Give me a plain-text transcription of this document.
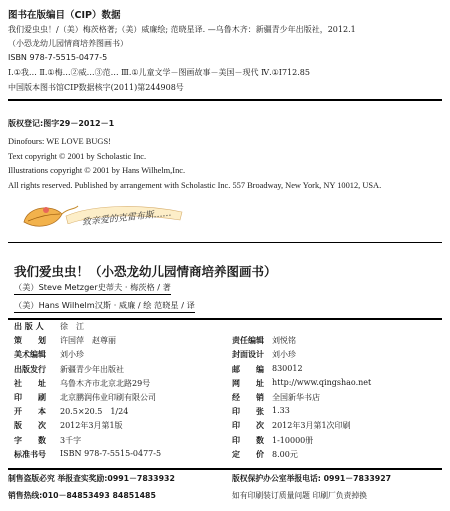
图书在版编目（CIP）数据
我们爱虫虫！/（美）梅茨格著;（美）威廉绘; 范晓星译. —乌鲁木齐：新疆青少年出版社，2012.1
（小恐龙幼儿园情商培养图画书）
ISBN 978-7-5515-0477-5
Ⅰ.①我… Ⅱ.①梅…②威…③范… Ⅲ.①儿童文学－图画故事－美国－现代 Ⅳ.①I712.85
中国版本图书馆CIP数据核字(2011)第244908号
版权登记:图字29－2012－1
Dinofours: WE LOVE BUGS!
Text copyright © 2001 by Scholastic Inc.
Illustrations copyright © 2001 by Hans Wilhelm,Inc.
All rights reserved. Published by arrangement with Scholastic Inc. 557 Broadway, New York, NY 10012, USA.
致亲爱的克雷布斯……
我们爱虫虫！（小恐龙幼儿园情商培养图画书）
（美）Steve Metzger史蒂夫 · 梅茨格 / 著
（美）Hans Wilhelm汉斯 · 威廉 / 绘 范晓星 / 译
出 版 人 徐　江
策　　划 许国萍　赵尊丽
美术编辑 刘小珍
出版发行 新疆青少年出版社
社　　址 乌鲁木齐市北京北路29号
印　　刷 北京鹏润伟业印刷有限公司
开　　本 20.5×20.5　1/24
版　　次 2012年3月第1版
字　　数 3千字
标准书号 ISBN 978-7-5515-0477-5
责任编辑 刘悦铭
封面设计 刘小珍
邮　　编 830012
网　　址 http://www.qingshao.net
经　　销 全国新华书店
印　　张 1.33
印　　次 2012年3月第1次印刷
印　　数 1-10000册
定　　价 8.00元
制售盗版必究 举报查实奖励:0991－7833932
销售热线:010－84853493 84851485
版权保护办公室举报电话: 0991－7833927
如有印刷装订质量问题 印刷厂负责掉换
